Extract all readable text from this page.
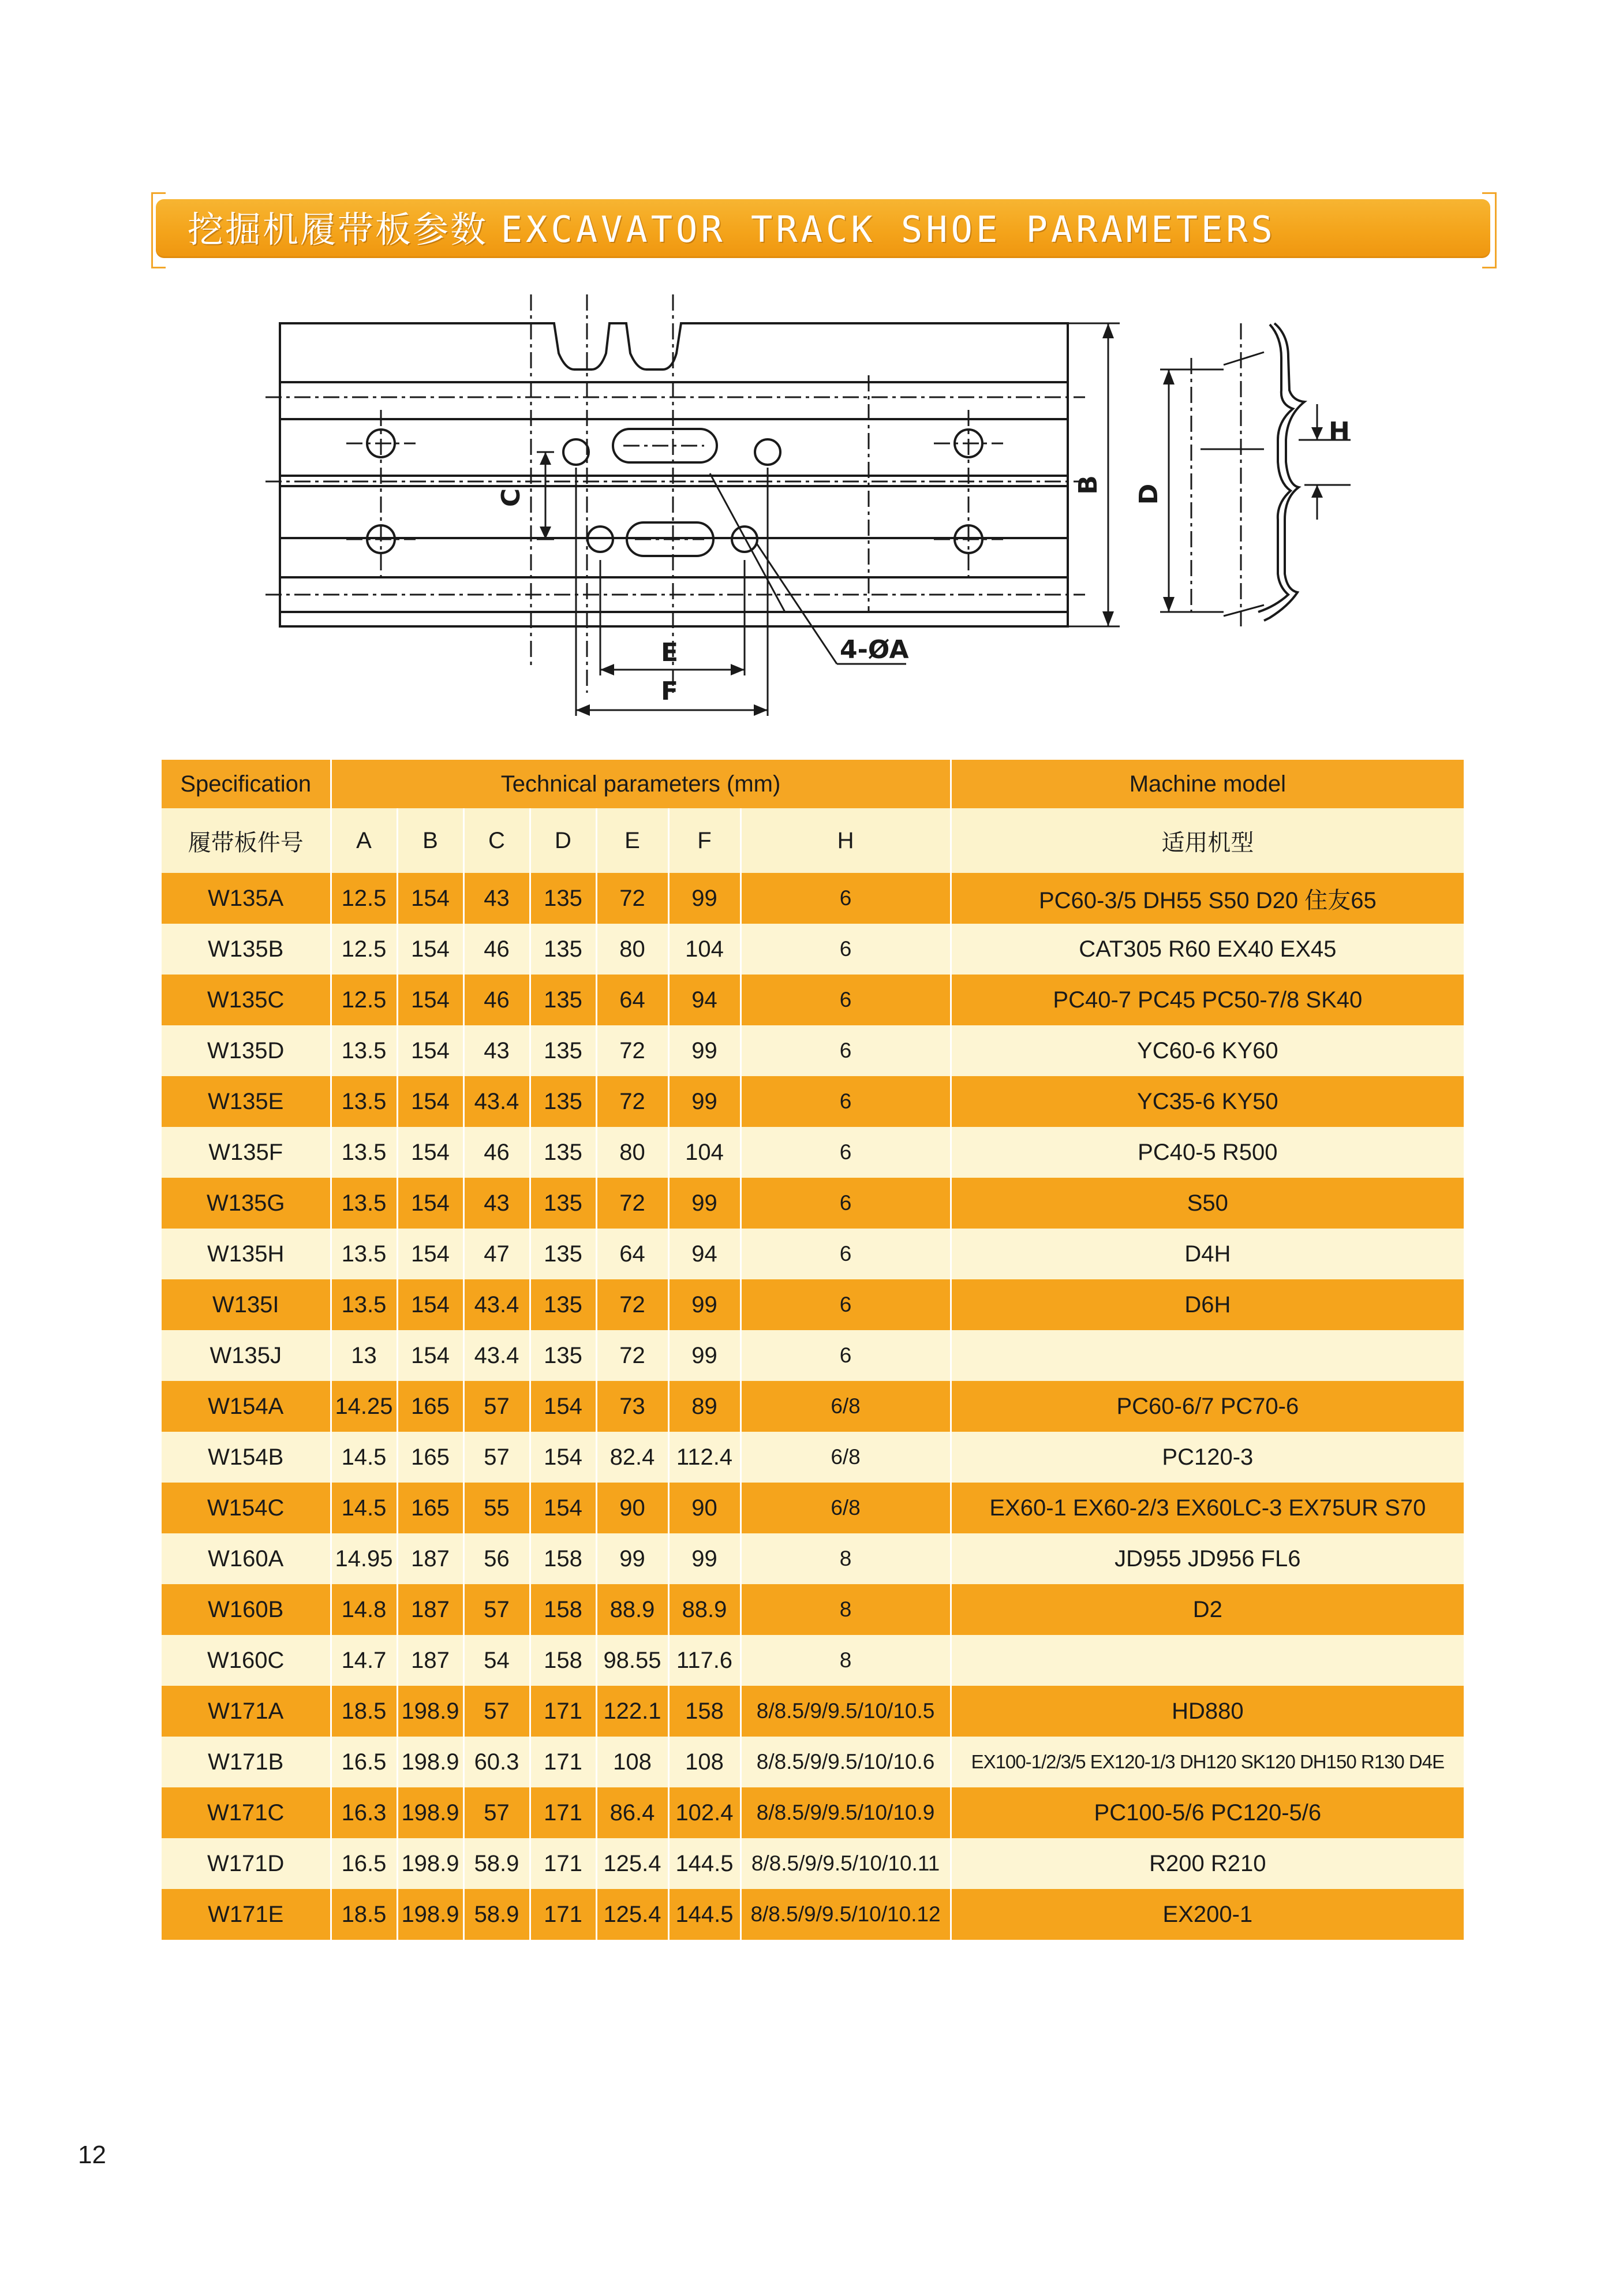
挖掘机履带板参数 EXCAVATOR TRACK SHOE PARAMETERS
B D
H
C
E
F
4-ØA
Specification	Technical parameters (mm)							Machine model
履带板件号	A	B	C	D	E	F	H	适用机型
W135A	12.5	154	43	135	72	99	6	PC60-3/5 DH55 S50 D20 住友65
W135B	12.5	154	46	135	80	104	6	CAT305 R60 EX40 EX45
W135C	12.5	154	46	135	64	94	6	PC40-7 PC45 PC50-7/8 SK40
W135D	13.5	154	43	135	72	99	6	YC60-6 KY60
W135E	13.5	154	43.4	135	72	99	6	YC35-6 KY50
W135F	13.5	154	46	135	80	104	6	PC40-5 R500
W135G	13.5	154	43	135	72	99	6	S50
W135H	13.5	154	47	135	64	94	6	D4H
W135I	13.5	154	43.4	135	72	99	6	D6H
W135J	13	154	43.4	135	72	99	6	
W154A	14.25	165	57	154	73	89	6/8	PC60-6/7 PC70-6
W154B	14.5	165	57	154	82.4	112.4	6/8	PC120-3
W154C	14.5	165	55	154	90	90	6/8	EX60-1 EX60-2/3 EX60LC-3 EX75UR S70
W160A	14.95	187	56	158	99	99	8	JD955 JD956 FL6
W160B	14.8	187	57	158	88.9	88.9	8	D2
W160C	14.7	187	54	158	98.55	117.6	8	
W171A	18.5	198.9	57	171	122.1	158	8/8.5/9/9.5/10/10.5	HD880
W171B	16.5	198.9	60.3	171	108	108	8/8.5/9/9.5/10/10.6	EX100-1/2/3/5 EX120-1/3 DH120 SK120 DH150 R130 D4E
W171C	16.3	198.9	57	171	86.4	102.4	8/8.5/9/9.5/10/10.9	PC100-5/6 PC120-5/6
W171D	16.5	198.9	58.9	171	125.4	144.5	8/8.5/9/9.5/10/10.11	R200 R210
W171E	18.5	198.9	58.9	171	125.4	144.5	8/8.5/9/9.5/10/10.12	EX200-1
12
